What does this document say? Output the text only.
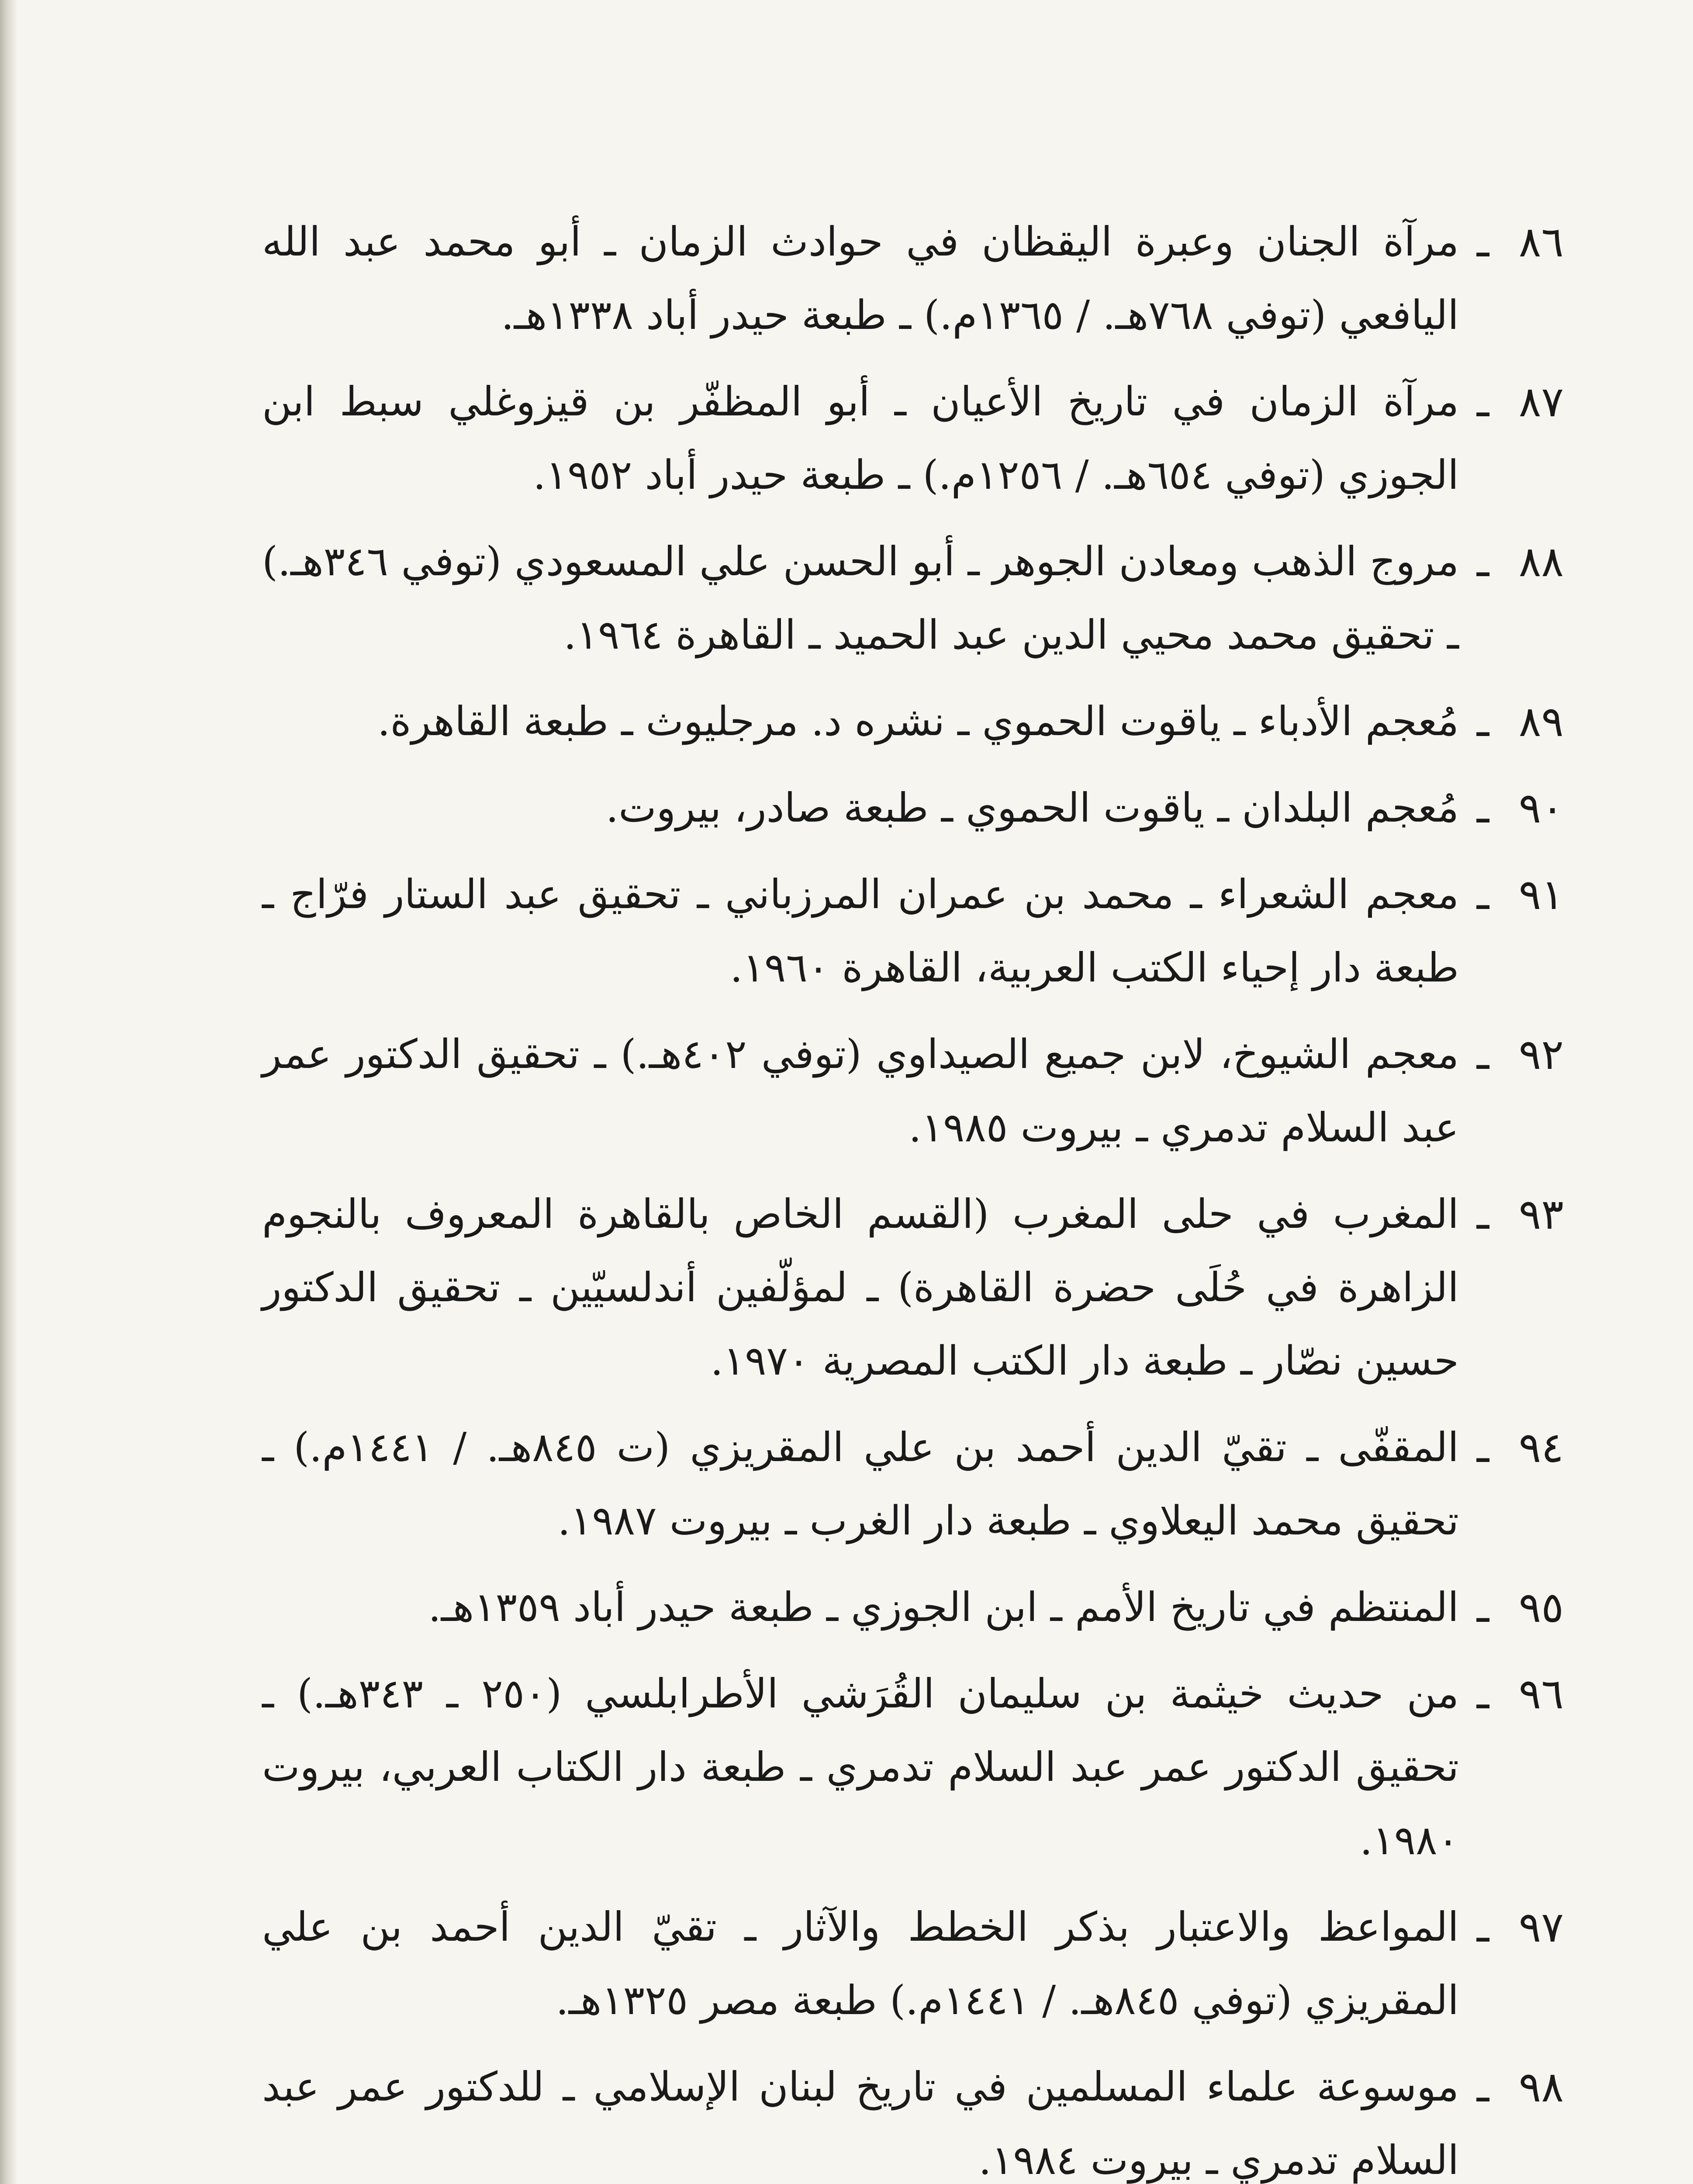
٨٦
ـ
مرآة الجنان وعبرة اليقظان في حوادث الزمان ـ أبو محمد عبد الله اليافعي (توفي ٧٦٨هـ. / ١٣٦٥م.) ـ طبعة حيدر أباد ١٣٣٨هـ.
٨٧
ـ
مرآة الزمان في تاريخ الأعيان ـ أبو المظفّر بن قيزوغلي سبط ابن الجوزي (توفي ٦٥٤هـ. / ١٢٥٦م.) ـ طبعة حيدر أباد ١٩٥٢.
٨٨
ـ
مروج الذهب ومعادن الجوهر ـ أبو الحسن علي المسعودي (توفي ٣٤٦هـ.) ـ تحقيق محمد محيي الدين عبد الحميد ـ القاهرة ١٩٦٤.
٨٩
ـ
مُعجم الأدباء ـ ياقوت الحموي ـ نشره د. مرجليوث ـ طبعة القاهرة.
٩٠
ـ
مُعجم البلدان ـ ياقوت الحموي ـ طبعة صادر، بيروت.
٩١
ـ
معجم الشعراء ـ محمد بن عمران المرزباني ـ تحقيق عبد الستار فرّاج ـ طبعة دار إحياء الكتب العربية، القاهرة ١٩٦٠.
٩٢
ـ
معجم الشيوخ، لابن جميع الصيداوي (توفي ٤٠٢هـ.) ـ تحقيق الدكتور عمر عبد السلام تدمري ـ بيروت ١٩٨٥.
٩٣
ـ
المغرب في حلى المغرب (القسم الخاص بالقاهرة المعروف بالنجوم الزاهرة في حُلَى حضرة القاهرة) ـ لمؤلّفين أندلسيّين ـ تحقيق الدكتور حسين نصّار ـ طبعة دار الكتب المصرية ١٩٧٠.
٩٤
ـ
المقفّى ـ تقيّ الدين أحمد بن علي المقريزي (ت ٨٤٥هـ. / ١٤٤١م.) ـ تحقيق محمد اليعلاوي ـ طبعة دار الغرب ـ بيروت ١٩٨٧.
٩٥
ـ
المنتظم في تاريخ الأمم ـ ابن الجوزي ـ طبعة حيدر أباد ١٣٥٩هـ.
٩٦
ـ
من حديث خيثمة بن سليمان القُرَشي الأطرابلسي (٢٥٠ ـ ٣٤٣هـ.) ـ تحقيق الدكتور عمر عبد السلام تدمري ـ طبعة دار الكتاب العربي، بيروت ١٩٨٠.
٩٧
ـ
المواعظ والاعتبار بذكر الخطط والآثار ـ تقيّ الدين أحمد بن علي المقريزي (توفي ٨٤٥هـ. / ١٤٤١م.) طبعة مصر ١٣٢٥هـ.
٩٨
ـ
موسوعة علماء المسلمين في تاريخ لبنان الإسلامي ـ للدكتور عمر عبد السلام تدمري ـ بيروت ١٩٨٤.
